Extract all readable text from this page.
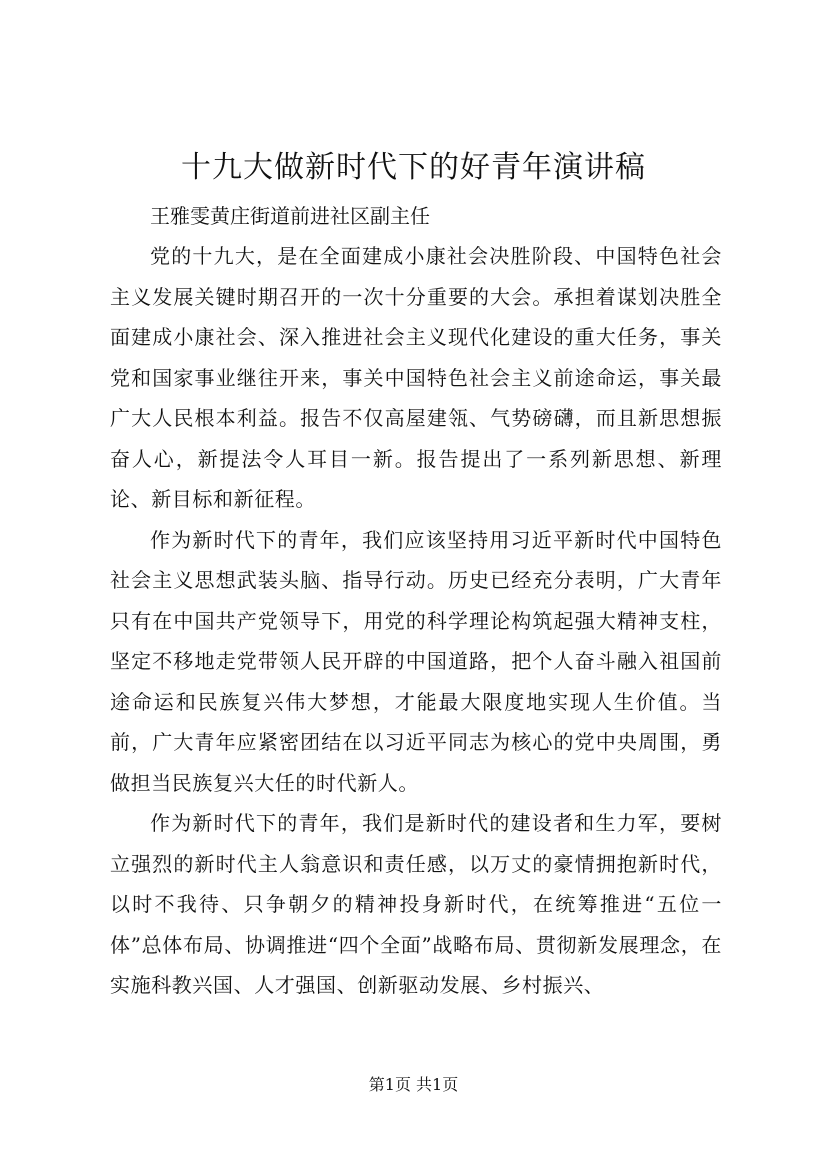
十九大做新时代下的好青年演讲稿

王雅雯黄庄街道前进社区副主任

党的十九大，是在全面建成小康社会决胜阶段、中国特色社会主义发展关键时期召开的一次十分重要的大会。承担着谋划决胜全面建成小康社会、深入推进社会主义现代化建设的重大任务，事关党和国家事业继往开来，事关中国特色社会主义前途命运，事关最广大人民根本利益。报告不仅高屋建瓴、气势磅礴，而且新思想振奋人心，新提法令人耳目一新。报告提出了一系列新思想、新理论、新目标和新征程。

作为新时代下的青年，我们应该坚持用习近平新时代中国特色社会主义思想武装头脑、指导行动。历史已经充分表明，广大青年只有在中国共产党领导下，用党的科学理论构筑起强大精神支柱，坚定不移地走党带领人民开辟的中国道路，把个人奋斗融入祖国前途命运和民族复兴伟大梦想，才能最大限度地实现人生价值。当前，广大青年应紧密团结在以习近平同志为核心的党中央周围，勇做担当民族复兴大任的时代新人。

作为新时代下的青年，我们是新时代的建设者和生力军，要树立强烈的新时代主人翁意识和责任感，以万丈的豪情拥抱新时代，以时不我待、只争朝夕的精神投身新时代，在统筹推进“五位一体”总体布局、协调推进“四个全面”战略布局、贯彻新发展理念，在实施科教兴国、人才强国、创新驱动发展、乡村振兴、

第1页 共1页
